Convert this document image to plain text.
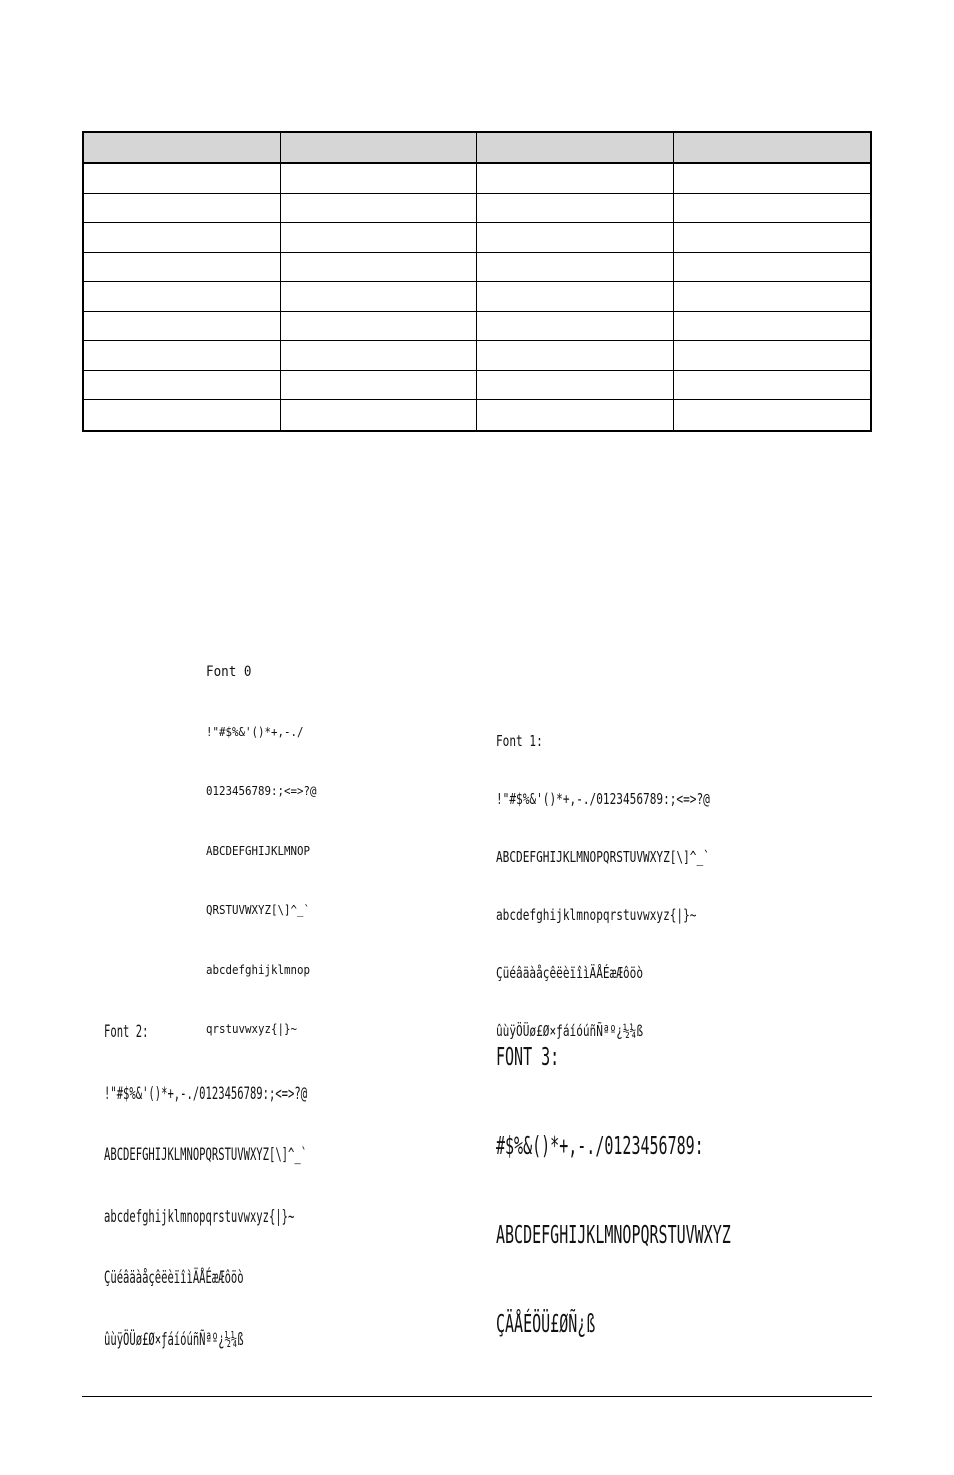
Font 0

!"#$%&'()*+,-./

0123456789:;<=>?@

ABCDEFGHIJKLMNOP

QRSTUVWXYZ[\]^_`

abcdefghijklmnop

qrstuvwxyz{|}~

Font 1:

!"#$%&'()*+,-./0123456789:;<=>?@

ABCDEFGHIJKLMNOPQRSTUVWXYZ[\]^_`

abcdefghijklmnopqrstuvwxyz{|}~

ÇüéâäàåçêëèïîìÄÅÉæÆôöò

ûùÿÖÜø£Ø×ƒáíóúñÑªº¿½¼ß

Font 2:

!"#$%&'()*+,-./0123456789:;<=>?@

ABCDEFGHIJKLMNOPQRSTUVWXYZ[\]^_`

abcdefghijklmnopqrstuvwxyz{|}~

ÇüéâäàåçêëèïîìÄÅÉæÆôöò

ûùÿÖÜø£Ø×ƒáíóúñÑªº¿½¼ß

FONT 3:

#$%&()*+,-./0123456789:

ABCDEFGHIJKLMNOPQRSTUVWXYZ

ÇÄÅÉÖÜ£ØÑ¿ß
